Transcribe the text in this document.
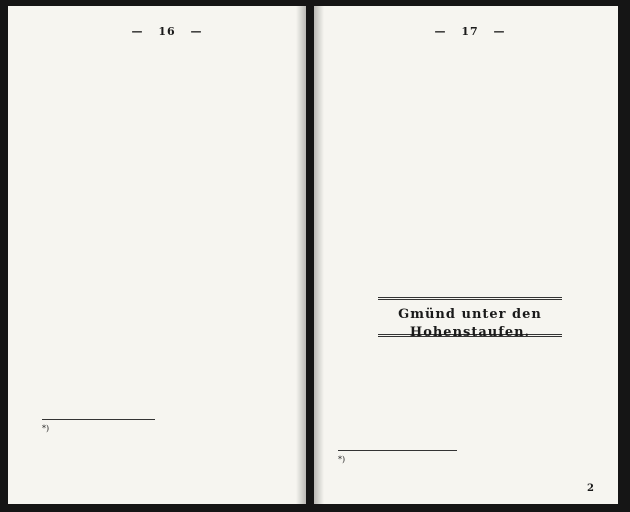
— 16 —
*)
— 17 —
Gmünd unter den Hohenstaufen.
*)
2
